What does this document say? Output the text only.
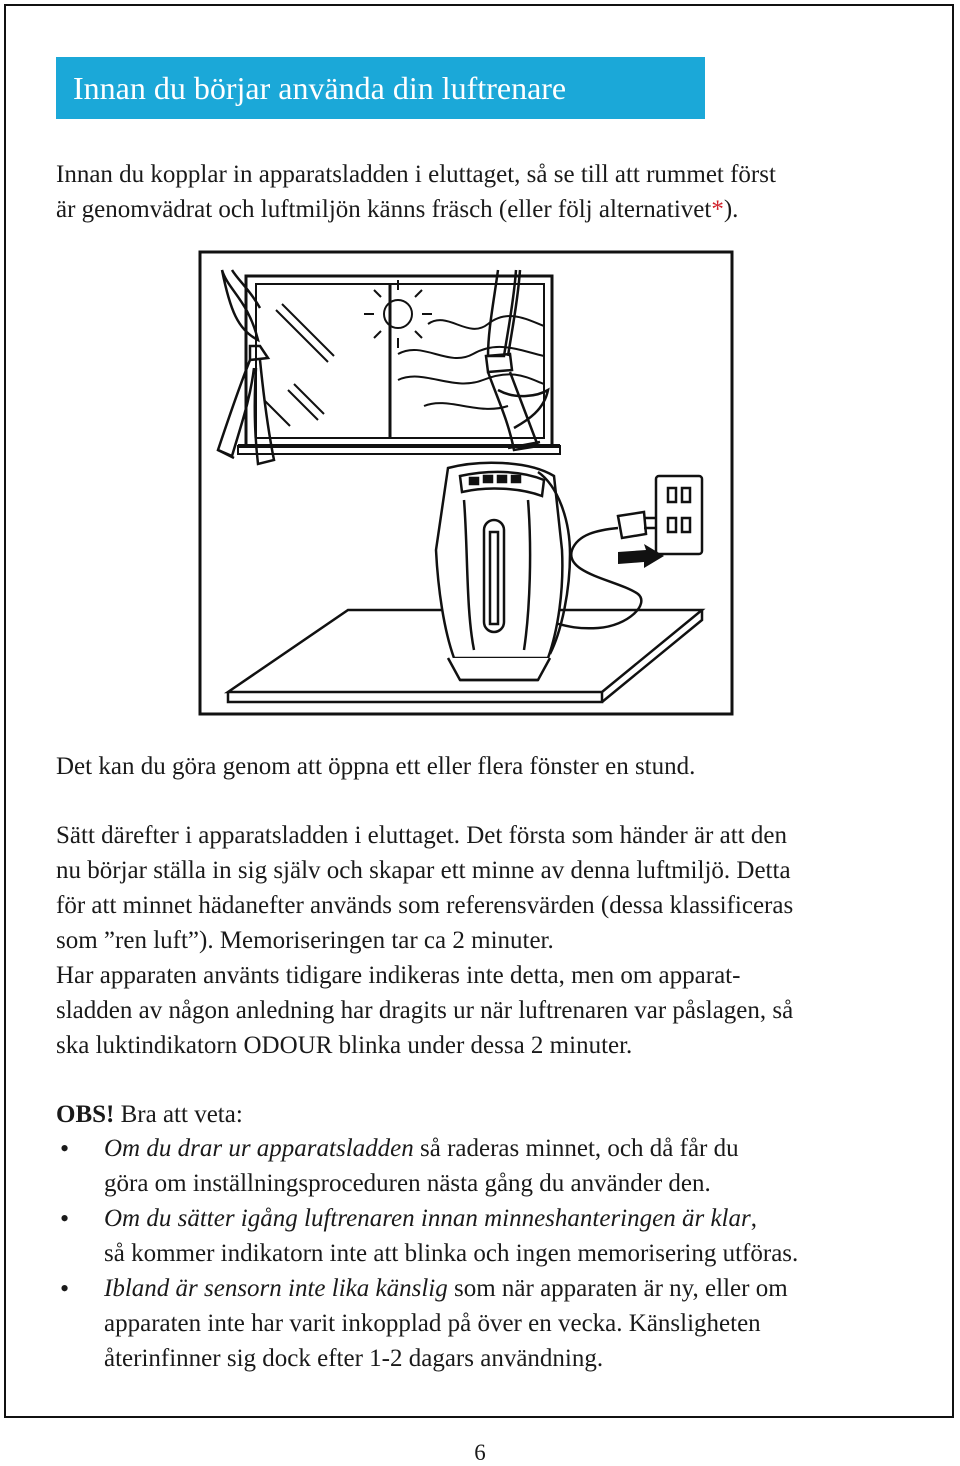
Innan du börjar använda din luftrenare
Innan du kopplar in apparatsladden i eluttaget, så se till att rummet först
är genomvädrat och luftmiljön känns fräsch (eller följ alternativet*).
Det kan du göra genom att öppna ett eller flera fönster en stund.
Sätt därefter i apparatsladden i eluttaget. Det första som händer är att den
nu börjar ställa in sig själv och skapar ett minne av denna luftmiljö. Detta
för att minnet hädanefter används som referensvärden (dessa klassificeras
som ”ren luft”). Memoriseringen tar ca 2 minuter.
Har apparaten använts tidigare indikeras inte detta, men om apparat-
sladden av någon anledning har dragits ur när luftrenaren var påslagen, så
ska luktindikatorn ODOUR blinka under dessa 2 minuter.
OBS! Bra att veta:
• Om du drar ur apparatsladden så raderas minnet, och då får du
göra om inställningsproceduren nästa gång du använder den.
• Om du sätter igång luftrenaren innan minneshanteringen är klar,
så kommer indikatorn inte att blinka och ingen memorisering utföras.
• Ibland är sensorn inte lika känslig som när apparaten är ny, eller om
apparaten inte har varit inkopplad på över en vecka. Känsligheten
återinfinner sig dock efter 1-2 dagars användning.
6
